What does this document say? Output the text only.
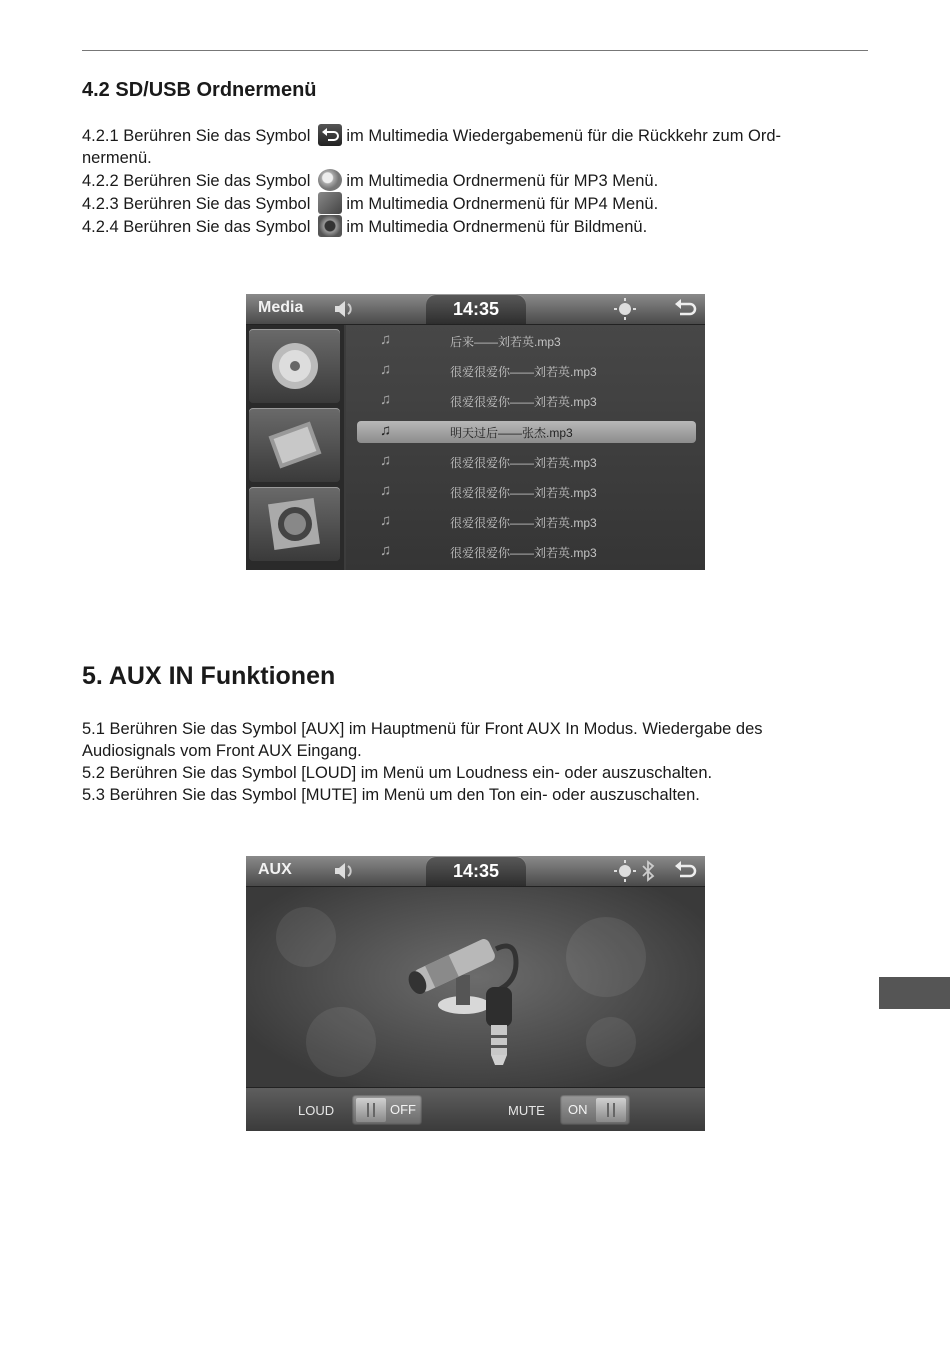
4.2 SD/USB Ordnermenü

4.2.1 Berühren Sie das Symbol im Multimedia Wiedergabemenü für die Rückkehr zum Ord-
nermenü.

4.2.2 Berühren Sie das Symbol im Multimedia Ordnermenü für MP3 Menü.

4.2.3 Berühren Sie das Symbol im Multimedia Ordnermenü für MP4 Menü.

4.2.4 Berühren Sie das Symbol im Multimedia Ordnermenü für Bildmenü.

Media	14:35
♫	后来——刘若英.mp3
♫	很爱很爱你——刘若英.mp3
♫	很爱很爱你——刘若英.mp3
♫	明天过后——张杰.mp3
♫	很爱很爱你——刘若英.mp3
♫	很爱很爱你——刘若英.mp3
♫	很爱很爱你——刘若英.mp3
♫	很爱很爱你——刘若英.mp3
5. AUX IN Funktionen

5.1 Berühren Sie das Symbol [AUX] im Hauptmenü für Front AUX In Modus. Wiedergabe des
Audiosignals vom Front AUX Eingang.

5.2 Berühren Sie das Symbol [LOUD] im Menü um Loudness ein- oder auszuschalten.

5.3 Berühren Sie das Symbol [MUTE] im Menü um den Ton ein- oder auszuschalten.

AUX	14:35
LOUD	OFF	MUTE ON
